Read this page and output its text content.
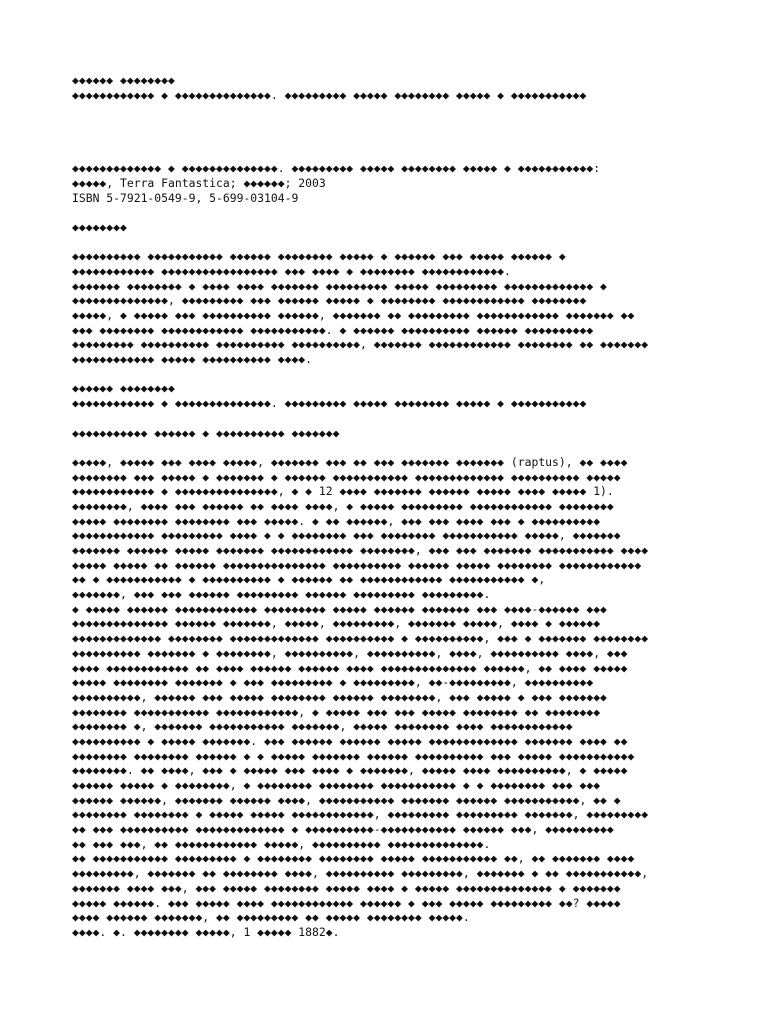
◆◆◆◆◆◆ ◆◆◆◆◆◆◆◆
◆◆◆◆◆◆◆◆◆◆◆◆ ◆ ◆◆◆◆◆◆◆◆◆◆◆◆◆◆. ◆◆◆◆◆◆◆◆◆ ◆◆◆◆◆ ◆◆◆◆◆◆◆◆ ◆◆◆◆◆ ◆ ◆◆◆◆◆◆◆◆◆◆◆
◆◆◆◆◆◆◆◆◆◆◆◆◆ ◆ ◆◆◆◆◆◆◆◆◆◆◆◆◆◆. ◆◆◆◆◆◆◆◆◆ ◆◆◆◆◆ ◆◆◆◆◆◆◆◆ ◆◆◆◆◆ ◆ ◆◆◆◆◆◆◆◆◆◆◆:
◆◆◆◆◆, Terra Fantastica; ◆◆◆◆◆◆; 2003
ISBN 5-7921-0549-9, 5-699-03104-9
◆◆◆◆◆◆◆◆
◆◆◆◆◆◆◆◆◆◆ ◆◆◆◆◆◆◆◆◆◆◆ ◆◆◆◆◆◆ ◆◆◆◆◆◆◆◆ ◆◆◆◆◆ ◆ ◆◆◆◆◆◆ ◆◆◆ ◆◆◆◆◆ ◆◆◆◆◆◆ ◆
◆◆◆◆◆◆◆◆◆◆◆◆ ◆◆◆◆◆◆◆◆◆◆◆◆◆◆◆◆◆ ◆◆◆ ◆◆◆◆ ◆ ◆◆◆◆◆◆◆◆ ◆◆◆◆◆◆◆◆◆◆◆◆.
◆◆◆◆◆◆◆ ◆◆◆◆◆◆◆◆ ◆ ◆◆◆◆ ◆◆◆◆ ◆◆◆◆◆◆◆ ◆◆◆◆◆◆◆◆◆ ◆◆◆◆◆ ◆◆◆◆◆◆◆◆◆ ◆◆◆◆◆◆◆◆◆◆◆◆◆ ◆
◆◆◆◆◆◆◆◆◆◆◆◆◆◆, ◆◆◆◆◆◆◆◆◆ ◆◆◆ ◆◆◆◆◆◆ ◆◆◆◆◆ ◆ ◆◆◆◆◆◆◆◆ ◆◆◆◆◆◆◆◆◆◆◆◆ ◆◆◆◆◆◆◆◆
◆◆◆◆◆, ◆ ◆◆◆◆◆ ◆◆◆ ◆◆◆◆◆◆◆◆◆◆ ◆◆◆◆◆◆, ◆◆◆◆◆◆◆ ◆◆ ◆◆◆◆◆◆◆◆◆ ◆◆◆◆◆◆◆◆◆◆◆◆ ◆◆◆◆◆◆◆ ◆◆
◆◆◆ ◆◆◆◆◆◆◆◆ ◆◆◆◆◆◆◆◆◆◆◆◆ ◆◆◆◆◆◆◆◆◆◆◆. ◆ ◆◆◆◆◆◆ ◆◆◆◆◆◆◆◆◆◆ ◆◆◆◆◆◆ ◆◆◆◆◆◆◆◆◆◆
◆◆◆◆◆◆◆◆◆ ◆◆◆◆◆◆◆◆◆◆ ◆◆◆◆◆◆◆◆◆◆ ◆◆◆◆◆◆◆◆◆◆, ◆◆◆◆◆◆◆ ◆◆◆◆◆◆◆◆◆◆◆◆ ◆◆◆◆◆◆◆◆ ◆◆ ◆◆◆◆◆◆◆
◆◆◆◆◆◆◆◆◆◆◆◆ ◆◆◆◆◆ ◆◆◆◆◆◆◆◆◆◆ ◆◆◆◆.
◆◆◆◆◆◆ ◆◆◆◆◆◆◆◆
◆◆◆◆◆◆◆◆◆◆◆◆ ◆ ◆◆◆◆◆◆◆◆◆◆◆◆◆◆. ◆◆◆◆◆◆◆◆◆ ◆◆◆◆◆ ◆◆◆◆◆◆◆◆ ◆◆◆◆◆ ◆ ◆◆◆◆◆◆◆◆◆◆◆
◆◆◆◆◆◆◆◆◆◆◆ ◆◆◆◆◆◆ ◆ ◆◆◆◆◆◆◆◆◆◆ ◆◆◆◆◆◆◆
◆◆◆◆◆, ◆◆◆◆◆ ◆◆◆ ◆◆◆◆ ◆◆◆◆◆, ◆◆◆◆◆◆◆ ◆◆◆ ◆◆ ◆◆◆ ◆◆◆◆◆◆◆ ◆◆◆◆◆◆◆ (raptus), ◆◆ ◆◆◆◆
◆◆◆◆◆◆◆◆ ◆◆◆ ◆◆◆◆◆ ◆ ◆◆◆◆◆◆◆ ◆ ◆◆◆◆◆◆ ◆◆◆◆◆◆◆◆◆◆◆ ◆◆◆◆◆◆◆◆◆◆◆◆◆ ◆◆◆◆◆◆◆◆◆◆ ◆◆◆◆◆
◆◆◆◆◆◆◆◆◆◆◆◆ ◆ ◆◆◆◆◆◆◆◆◆◆◆◆◆◆◆, ◆ ◆ 12 ◆◆◆◆ ◆◆◆◆◆◆◆ ◆◆◆◆◆◆ ◆◆◆◆◆ ◆◆◆◆ ◆◆◆◆◆ 1).
◆◆◆◆◆◆◆◆, ◆◆◆◆ ◆◆◆ ◆◆◆◆◆◆ ◆◆ ◆◆◆◆ ◆◆◆◆, ◆ ◆◆◆◆◆ ◆◆◆◆◆◆◆◆◆ ◆◆◆◆◆◆◆◆◆◆◆◆ ◆◆◆◆◆◆◆◆
◆◆◆◆◆ ◆◆◆◆◆◆◆◆ ◆◆◆◆◆◆◆◆ ◆◆◆ ◆◆◆◆◆. ◆ ◆◆ ◆◆◆◆◆◆, ◆◆◆ ◆◆◆ ◆◆◆◆ ◆◆◆ ◆ ◆◆◆◆◆◆◆◆◆◆
◆◆◆◆◆◆◆◆◆◆◆◆ ◆◆◆◆◆◆◆◆◆ ◆◆◆◆ ◆ ◆ ◆◆◆◆◆◆◆◆ ◆◆◆ ◆◆◆◆◆◆◆◆ ◆◆◆◆◆◆◆◆◆◆◆ ◆◆◆◆◆, ◆◆◆◆◆◆◆
◆◆◆◆◆◆◆ ◆◆◆◆◆◆ ◆◆◆◆◆ ◆◆◆◆◆◆◆ ◆◆◆◆◆◆◆◆◆◆◆◆ ◆◆◆◆◆◆◆◆, ◆◆◆ ◆◆◆ ◆◆◆◆◆◆◆ ◆◆◆◆◆◆◆◆◆◆◆ ◆◆◆◆
◆◆◆◆◆ ◆◆◆◆◆ ◆◆ ◆◆◆◆◆◆ ◆◆◆◆◆◆◆◆◆◆◆◆◆◆◆ ◆◆◆◆◆◆◆◆◆◆ ◆◆◆◆◆◆ ◆◆◆◆◆ ◆◆◆◆◆◆◆◆ ◆◆◆◆◆◆◆◆◆◆◆◆
◆◆ ◆ ◆◆◆◆◆◆◆◆◆◆◆ ◆ ◆◆◆◆◆◆◆◆◆◆ ◆ ◆◆◆◆◆◆ ◆◆ ◆◆◆◆◆◆◆◆◆◆◆◆ ◆◆◆◆◆◆◆◆◆◆◆ ◆,
◆◆◆◆◆◆◆, ◆◆◆ ◆◆◆ ◆◆◆◆◆◆ ◆◆◆◆◆◆◆◆◆ ◆◆◆◆◆◆ ◆◆◆◆◆◆◆◆◆ ◆◆◆◆◆◆◆◆◆.
◆ ◆◆◆◆◆ ◆◆◆◆◆◆ ◆◆◆◆◆◆◆◆◆◆◆◆ ◆◆◆◆◆◆◆◆◆ ◆◆◆◆◆ ◆◆◆◆◆◆ ◆◆◆◆◆◆◆ ◆◆◆ ◆◆◆◆-◆◆◆◆◆◆ ◆◆◆
◆◆◆◆◆◆◆◆◆◆◆◆◆◆ ◆◆◆◆◆◆ ◆◆◆◆◆◆◆, ◆◆◆◆◆, ◆◆◆◆◆◆◆◆◆, ◆◆◆◆◆◆◆ ◆◆◆◆◆, ◆◆◆◆ ◆ ◆◆◆◆◆◆
◆◆◆◆◆◆◆◆◆◆◆◆◆ ◆◆◆◆◆◆◆◆ ◆◆◆◆◆◆◆◆◆◆◆◆◆ ◆◆◆◆◆◆◆◆◆◆ ◆ ◆◆◆◆◆◆◆◆◆◆, ◆◆◆ ◆ ◆◆◆◆◆◆◆ ◆◆◆◆◆◆◆◆
◆◆◆◆◆◆◆◆◆◆ ◆◆◆◆◆◆◆ ◆ ◆◆◆◆◆◆◆◆, ◆◆◆◆◆◆◆◆◆◆, ◆◆◆◆◆◆◆◆◆◆, ◆◆◆◆, ◆◆◆◆◆◆◆◆◆◆ ◆◆◆◆, ◆◆◆
◆◆◆◆ ◆◆◆◆◆◆◆◆◆◆◆◆ ◆◆ ◆◆◆◆ ◆◆◆◆◆◆ ◆◆◆◆◆◆ ◆◆◆◆ ◆◆◆◆◆◆◆◆◆◆◆◆◆◆ ◆◆◆◆◆◆, ◆◆ ◆◆◆◆ ◆◆◆◆◆
◆◆◆◆◆ ◆◆◆◆◆◆◆◆ ◆◆◆◆◆◆◆ ◆ ◆◆◆ ◆◆◆◆◆◆◆◆◆ ◆ ◆◆◆◆◆◆◆◆◆, ◆◆-◆◆◆◆◆◆◆◆◆, ◆◆◆◆◆◆◆◆◆◆
◆◆◆◆◆◆◆◆◆◆, ◆◆◆◆◆◆ ◆◆◆ ◆◆◆◆◆ ◆◆◆◆◆◆◆◆ ◆◆◆◆◆◆ ◆◆◆◆◆◆◆◆, ◆◆◆ ◆◆◆◆◆ ◆ ◆◆◆ ◆◆◆◆◆◆◆
◆◆◆◆◆◆◆◆ ◆◆◆◆◆◆◆◆◆◆◆ ◆◆◆◆◆◆◆◆◆◆◆◆, ◆ ◆◆◆◆◆ ◆◆◆ ◆◆◆ ◆◆◆◆◆ ◆◆◆◆◆◆◆◆ ◆◆ ◆◆◆◆◆◆◆◆
◆◆◆◆◆◆◆◆ ◆, ◆◆◆◆◆◆◆ ◆◆◆◆◆◆◆◆◆◆◆ ◆◆◆◆◆◆◆, ◆◆◆◆◆ ◆◆◆◆◆◆◆◆ ◆◆◆◆ ◆◆◆◆◆◆◆◆◆◆◆◆
◆◆◆◆◆◆◆◆◆◆ ◆ ◆◆◆◆◆ ◆◆◆◆◆◆◆. ◆◆◆ ◆◆◆◆◆◆ ◆◆◆◆◆◆ ◆◆◆◆◆ ◆◆◆◆◆◆◆◆◆◆◆◆◆ ◆◆◆◆◆◆◆ ◆◆◆◆ ◆◆
◆◆◆◆◆◆◆◆ ◆◆◆◆◆◆◆◆ ◆◆◆◆◆◆ ◆ ◆ ◆◆◆◆◆ ◆◆◆◆◆◆◆ ◆◆◆◆◆◆ ◆◆◆◆◆◆◆◆◆◆ ◆◆◆ ◆◆◆◆◆ ◆◆◆◆◆◆◆◆◆◆◆
◆◆◆◆◆◆◆◆. ◆◆ ◆◆◆◆, ◆◆◆ ◆ ◆◆◆◆◆ ◆◆◆ ◆◆◆◆ ◆ ◆◆◆◆◆◆◆, ◆◆◆◆◆ ◆◆◆◆ ◆◆◆◆◆◆◆◆◆◆, ◆ ◆◆◆◆◆
◆◆◆◆◆◆ ◆◆◆◆◆ ◆ ◆◆◆◆◆◆◆◆, ◆ ◆◆◆◆◆◆◆◆ ◆◆◆◆◆◆◆◆ ◆◆◆◆◆◆◆◆◆◆◆ ◆ ◆ ◆◆◆◆◆◆◆◆ ◆◆◆ ◆◆◆
◆◆◆◆◆◆ ◆◆◆◆◆◆, ◆◆◆◆◆◆◆ ◆◆◆◆◆◆ ◆◆◆◆, ◆◆◆◆◆◆◆◆◆◆◆ ◆◆◆◆◆◆◆ ◆◆◆◆◆◆ ◆◆◆◆◆◆◆◆◆◆◆, ◆◆ ◆
◆◆◆◆◆◆◆◆ ◆◆◆◆◆◆◆◆ ◆ ◆◆◆◆◆ ◆◆◆◆◆ ◆◆◆◆◆◆◆◆◆◆◆◆, ◆◆◆◆◆◆◆◆◆ ◆◆◆◆◆◆◆◆◆ ◆◆◆◆◆◆◆, ◆◆◆◆◆◆◆◆◆
◆◆ ◆◆◆ ◆◆◆◆◆◆◆◆◆◆ ◆◆◆◆◆◆◆◆◆◆◆◆◆ ◆ ◆◆◆◆◆◆◆◆◆◆-◆◆◆◆◆◆◆◆◆◆◆ ◆◆◆◆◆◆ ◆◆◆, ◆◆◆◆◆◆◆◆◆◆
◆◆ ◆◆◆ ◆◆◆, ◆◆ ◆◆◆◆◆◆◆◆◆◆◆◆ ◆◆◆◆◆, ◆◆◆◆◆◆◆◆◆◆ ◆◆◆◆◆◆◆◆◆◆◆◆◆◆.
◆◆ ◆◆◆◆◆◆◆◆◆◆◆ ◆◆◆◆◆◆◆◆◆ ◆ ◆◆◆◆◆◆◆◆ ◆◆◆◆◆◆◆◆ ◆◆◆◆◆ ◆◆◆◆◆◆◆◆◆◆◆ ◆◆, ◆◆ ◆◆◆◆◆◆◆ ◆◆◆◆
◆◆◆◆◆◆◆◆◆, ◆◆◆◆◆◆◆ ◆◆ ◆◆◆◆◆◆◆◆ ◆◆◆◆, ◆◆◆◆◆◆◆◆◆◆ ◆◆◆◆◆◆◆◆◆, ◆◆◆◆◆◆◆ ◆ ◆◆ ◆◆◆◆◆◆◆◆◆◆◆,
◆◆◆◆◆◆◆ ◆◆◆◆ ◆◆◆, ◆◆◆ ◆◆◆◆◆ ◆◆◆◆◆◆◆◆ ◆◆◆◆◆ ◆◆◆◆ ◆ ◆◆◆◆◆ ◆◆◆◆◆◆◆◆◆◆◆◆◆◆ ◆ ◆◆◆◆◆◆◆
◆◆◆◆◆ ◆◆◆◆◆◆. ◆◆◆ ◆◆◆◆◆ ◆◆◆◆ ◆◆◆◆◆◆◆◆◆◆◆◆ ◆◆◆◆◆◆ ◆ ◆◆◆ ◆◆◆◆◆ ◆◆◆◆◆◆◆◆◆ ◆◆? ◆◆◆◆◆
◆◆◆◆ ◆◆◆◆◆◆ ◆◆◆◆◆◆◆, ◆◆ ◆◆◆◆◆◆◆◆◆ ◆◆ ◆◆◆◆◆ ◆◆◆◆◆◆◆◆ ◆◆◆◆◆.
◆◆◆◆. ◆. ◆◆◆◆◆◆◆◆ ◆◆◆◆◆, 1 ◆◆◆◆◆ 1882◆.
